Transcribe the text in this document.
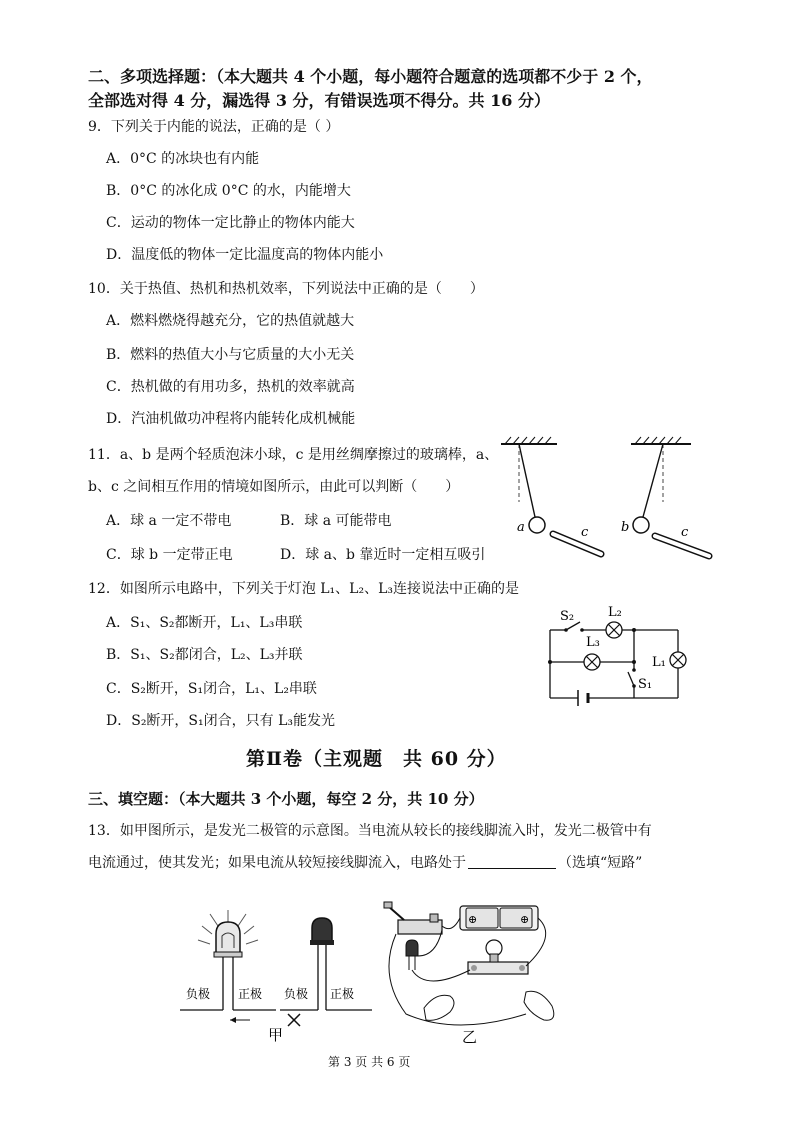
二、多项选择题：（本大题共 4 个小题，每小题符合题意的选项都不少于 2 个，
全部选对得 4 分，漏选得 3 分，有错误选项不得分。共 16 分）
9．下列关于内能的说法，正确的是（ ）
A．0°C 的冰块也有内能
B．0°C 的冰化成 0°C 的水，内能增大
C．运动的物体一定比静止的物体内能大
D．温度低的物体一定比温度高的物体内能小
10．关于热值、热机和热机效率，下列说法中正确的是（　　）
A．燃料燃烧得越充分，它的热值就越大
B．燃料的热值大小与它质量的大小无关
C．热机做的有用功多，热机的效率就高
D．汽油机做功冲程将内能转化成机械能
11．a、b 是两个轻质泡沫小球，c 是用丝绸摩擦过的玻璃棒，a、
b、c 之间相互作用的情境如图所示，由此可以判断（　　）
A．球 a 一定不带电	B．球 a 可能带电
C．球 b 一定带正电	D．球 a、b 靠近时一定相互吸引
a	c	b	c
12．如图所示电路中，下列关于灯泡 L₁、L₂、L₃连接说法中正确的是
A．S₁、S₂都断开，L₁、L₃串联
B．S₁、S₂都闭合，L₂、L₃并联
C．S₂断开，S₁闭合，L₁、L₂串联
D．S₂断开，S₁闭合，只有 L₃能发光
S₂
S₁
L₂
L₃
L₁
第Ⅱ卷（主观题　共 60 分）
三、填空题：（本大题共 3 个小题，每空 2 分，共 10 分）
13．如甲图所示，是发光二极管的示意图。当电流从较长的接线脚流入时，发光二极管中有
电流通过，使其发光；如果电流从较短接线脚流入，电路处于	（选填“短路”
负极 正极 负极 正极
甲
⊕	⊕
乙
第 3 页 共 6 页
